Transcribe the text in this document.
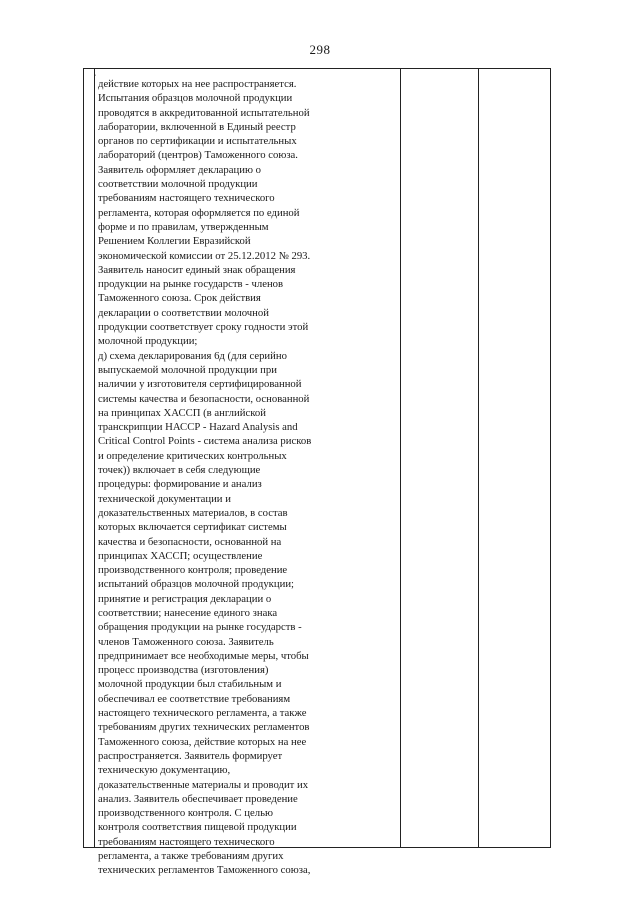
298
ˈ действие которых на нее распространяется.
Испытания образцов молочной продукции
проводятся в аккредитованной испытательной
лаборатории, включенной в Единый реестр
органов по сертификации и испытательных
лабораторий (центров) Таможенного союза.
Заявитель оформляет декларацию о
соответствии молочной продукции
требованиям настоящего технического
регламента, которая оформляется по единой
форме и по правилам, утвержденным
Решением Коллегии Евразийской
экономической комиссии от 25.12.2012 № 293.
Заявитель наносит единый знак обращения
продукции на рынке государств - членов
Таможенного союза. Срок действия
декларации о соответствии молочной
продукции соответствует сроку годности этой
молочной продукции;
д) схема декларирования 6д (для серийно
выпускаемой молочной продукции при
наличии у изготовителя сертифицированной
системы качества и безопасности, основанной
на принципах ХАССП (в английской
транскрипции НАССР - Hazard Analysis and
Critical Control Points - система анализа рисков
и определение критических контрольных
точек)) включает в себя следующие
процедуры: формирование и анализ
технической документации и
доказательственных материалов, в состав
которых включается сертификат системы
качества и безопасности, основанной на
принципах ХАССП; осуществление
производственного контроля; проведение
испытаний образцов молочной продукции;
принятие и регистрация декларации о
соответствии; нанесение единого знака
обращения продукции на рынке государств -
членов Таможенного союза. Заявитель
предпринимает все необходимые меры, чтобы
процесс производства (изготовления)
молочной продукции был стабильным и
обеспечивал ее соответствие требованиям
настоящего технического регламента, а также
требованиям других технических регламентов
Таможенного союза, действие которых на нее
распространяется. Заявитель формирует
техническую документацию,
доказательственные материалы и проводит их
анализ. Заявитель обеспечивает проведение
производственного контроля. С целью
контроля соответствия пищевой продукции
требованиям настоящего технического
регламента, а также требованиям других
технических регламентов Таможенного союза,
